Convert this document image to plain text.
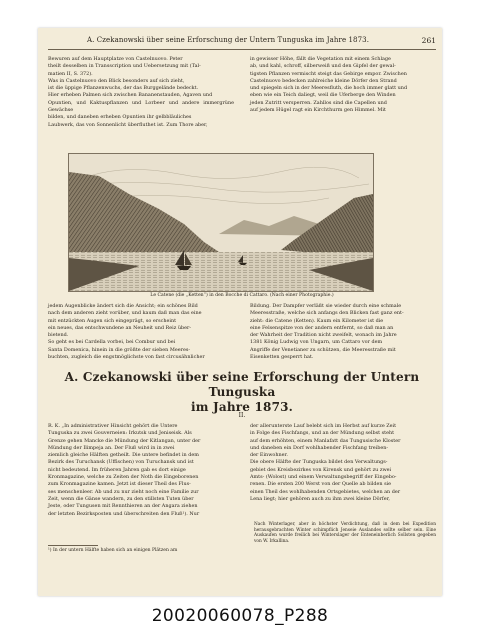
A. Czekanowski über seine Erforschung der Untern Tunguska im Jahre 1873.	261

Bewuren auf dem Hauptplatze von Castelnuovo. Peter

theilt desselben in Transscription und Uebersetzung mit (Tal-

matien II, S. 372).

Was in Castelnuovo den Blick besonders auf sich zieht,

ist die üppige Pflanzenwuchs, der das Burggelände bedeckt.

Hier erheben Palmen sich zwischen Bananenstauden, Agaven und

Opuntien, und Kaktuspflanzen und Lorbeer und andere immergrüne Gewächse

bilden, und daneben erheben Opuntien ihr gelbbläuliches

Laubwerk, das von Sonnenlicht überfluthet ist. Zum Thore aber,

in gewisser Höhe, fällt die Vegetation mit einem Schlage

ab, und kahl, schroff, silberweiß und den Gipfel der gewal-

tigsten Pflanzen vermischt steigt das Gebirge empor. Zwischen

Castelnuovo bedecken zahlreiche kleine Dörfer den Strand

und spiegeln sich in der Meeresfluth, die hoch immer glatt und

eben wie ein Teich daliegt, weil die Uferberge den Winden

jeden Zutritt versperren. Zahllos sind die Capellen und

auf jedem Hügel ragt ein Kirchthurm gen Himmel. Mit

Le Catene (die „Ketten“) in den Bocche di Cattaro. (Nach einer Photographie.)

jedem Augenblicke ändert sich die Ansicht; ein schönes Bild

nach dem anderen zieht vorüber, und kaum daß man das eine

mit entzückten Augen sich eingeprägt, so erscheint

ein neues, das entschwundene an Neuheit und Reiz über-

bietend.

So geht es bei Cardella vorbei, bei Combur und bei

Santa Domenica, hinein in die größte der sieben Meeres-

buchten, zugleich die engstmöglichste von fast circusähnlicher

Bildung. Der Dampfer verläßt sie wieder durch eine schmale

Meeresstraße, welche sich anfangs den Blicken fast ganz ent-

zieht: die Catene (Ketten). Kaum ein Kilometer ist die

eine Felsenspitze von der andern entfernt, so daß man an

der Wahrheit der Tradition nicht zweifelt, wonach im Jahre

1381 König Ludwig von Ungarn, um Cattaro vor dem

Angriffe der Venetianer zu schützen, die Meeresstraße mit

Eisenketten gesperrt hat.

A. Czekanowski über seine Erforschung der Untern Tunguska
im Jahre 1873.
II.

R. K. „In administrativer Hinsicht gehört die Untere

Tunguska zu zwei Gouverneien: Irkutsk und Jeniseisk. Als

Grenze gehen Mancke die Mündung der Kitlangan, unter der

Mündung der Ilimpeja an. Der Fluß wird in in zwei

ziemlich gleiche Hälften getheilt. Die untere befindet in dem

Bezirk des Turuchansk (Uffischen) von Turuchansk und ist

nicht bedeutend. Im früheren Jahren gab es dort einige

Kronmagazine, welche zu Zeiten der Noth die Eingeborenen

zum Kronmagazine kamen. Jetzt ist dieser Theil des Flus-

ses menschenleer. Ab und zu nur zieht noch eine Familie zur

Zeit, wenn die Gänse wandern, zu den stillsten Tuten über

Jeste, oder Tungusen mit Rennthieren an der Angara ziehen

der letzten Bezirksposten und überschreiten den Fluß¹). Nur

der allerunterste Lauf belebt sich im Herbst auf kurze Zeit

in Folge des Fischfangs, und an der Mündung selbst steht

auf dem erhöhten, einem Manlafatt das Tungusische Kloster

und daneben ein Dorf wohlhabender Fischfang treiben-

der Einwohner.

Die obere Hälfte der Tunguska bildet den Verwaltungs-

gebiet des Kreisbezirkes von Kirensk und gehört zu zwei

Amts- (Wolost) und einem Verwaltungsbegriff der Eingebo-

renen. Die ersten 200 Werst von der Quelle ab bilden sie

einen Theil des wohlhabenden Ortsgebietes, welchen an der

Lena liegt; hier gehören auch zu ihm zwei kleine Dörfer,

Nach Winterlager, aber in höchster Verdichtung, daß in dem bei Expedition herausgebrachten Winter schimpflich Jenseie Auslandes sollte selber sein. Eine Auskaufen wurde freilich bei Winterslager der Enteneinberlich Sollsten gegeben von W. Irkallina.
¹) In der untern Hälfte haben sich an einigen Plätzen am
20020060078_P288
